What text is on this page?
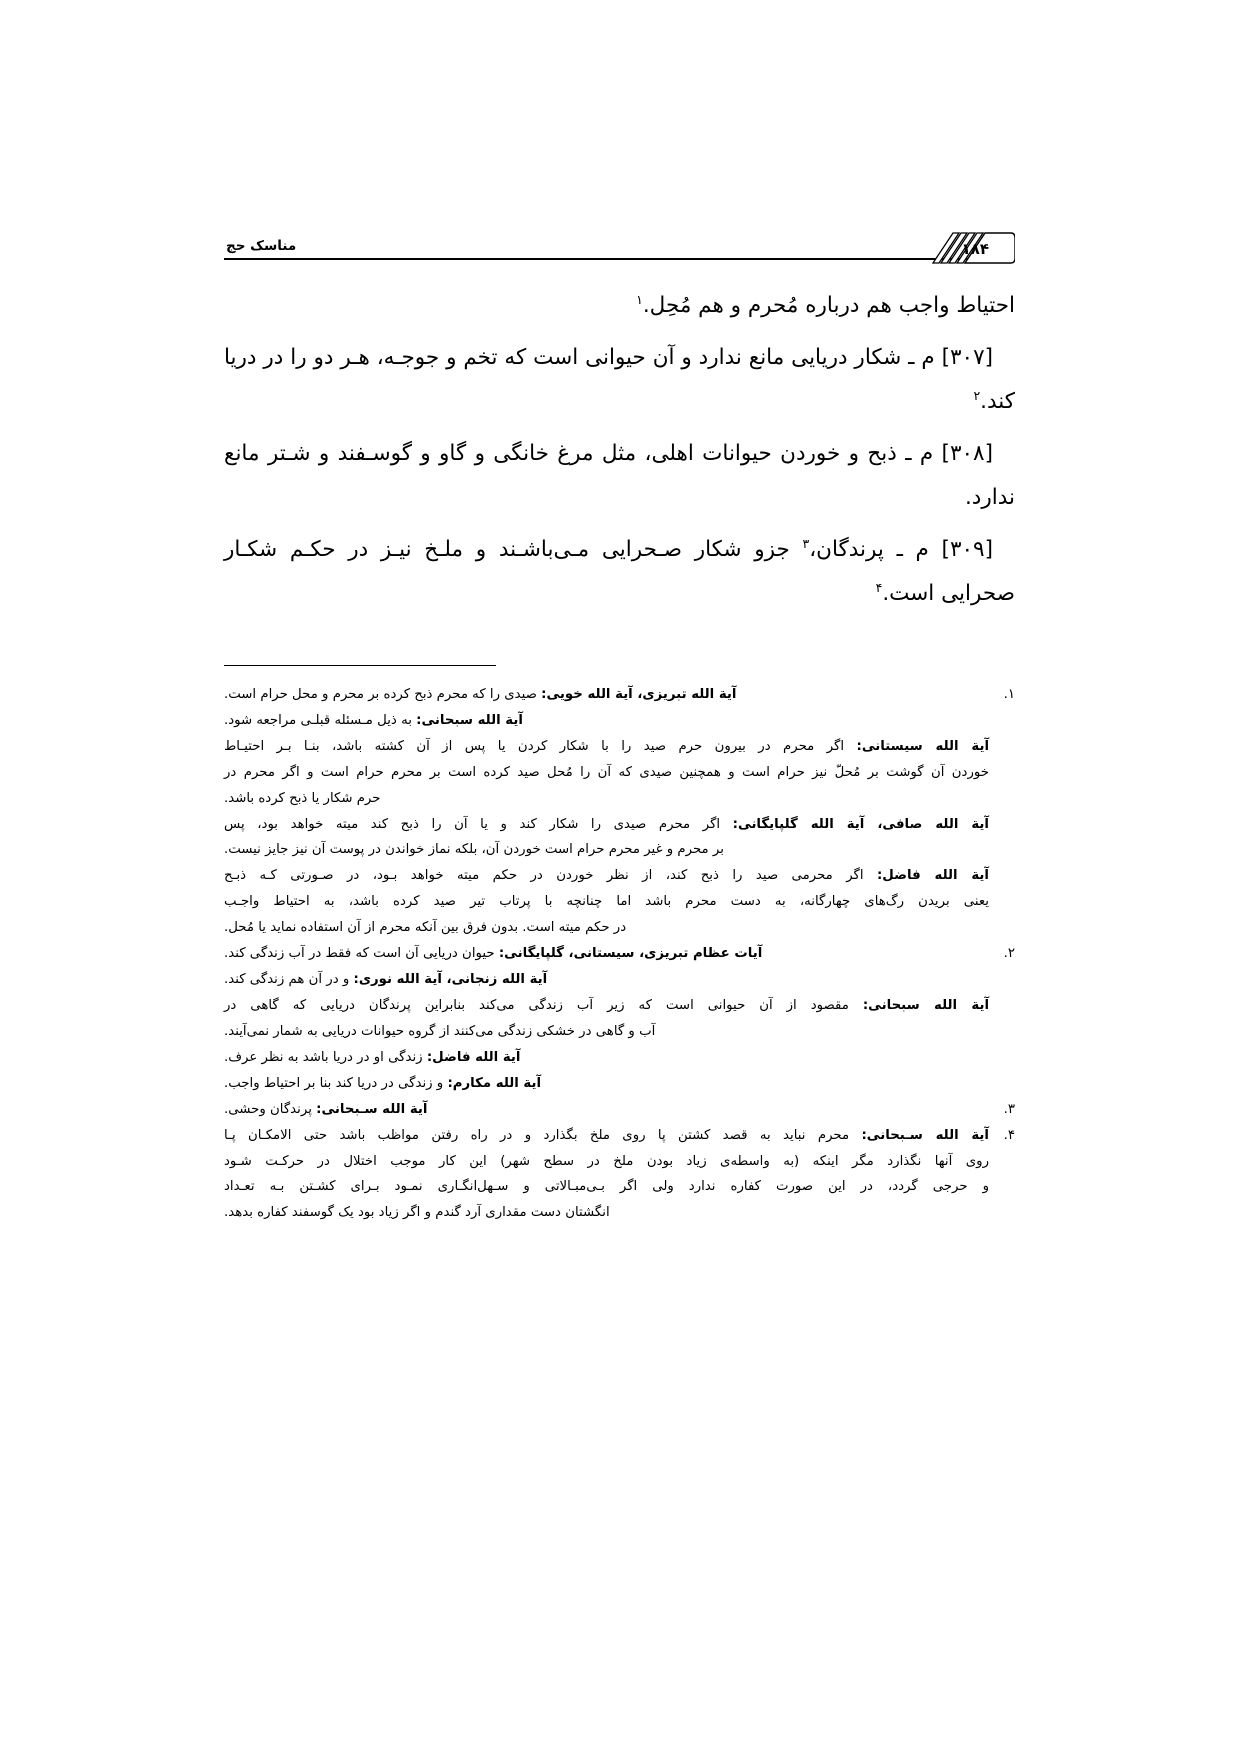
مناسک حج	۱۸۴

احتیاط واجب هم درباره مُحرم و هم مُحِل.$^۱$

[۳۰۷] م ـ شکار دریایی مانع ندارد و آن حیوانی است که تخم و جوجـه، هـر دو را در دریا کند.$^۲$

[۳۰۸] م ـ ذبح و خوردن حیوانات اهلی، مثل مرغ خانگی و گاو و گوسـفند و شـتر مانع ندارد.

[۳۰۹] م ـ پرندگان،$^۳$ جزو شکار صـحرایی مـی‌باشـند و ملـخ نیـز در حکـم شکـار صحرایی است.$^۴$

۱.
آیة الله تبریزی، آیة الله خویی: صیدی را که محرم ذبح کرده بر محرم و محل حرام است.
آیة الله سبحانی: به ذیل مـسئله قبلـی مراجعه شود.
آیة الله سیستانی: اگر محرم در بیرون حرم صید را با شکار کردن یا پس از آن کشته باشد، بنـا بـر احتیـاط
خوردن آن گوشت بر مُحلّ نیز حرام است و همچنین صیدی که آن را مُحل صید کرده است بر محرم حرام است و اگر محرم در
حرم شکار یا ذبح کرده باشد.
آیة الله صافی، آیة الله گلپایگانی: اگر محرم صیدی را شکار کند و یا آن را ذبح کند میته خواهد بود، پس
بر محرم و غیر محرم حرام است خوردن آن، بلکه نماز خواندن در پوست آن نیز جایز نیست.
آیة الله فاضل: اگر محرمی صید را ذبح کند، از نظر خوردن در حکم میته خواهد بـود، در صـورتی کـه ذبـح
یعنی بریدن رگ‌های چهارگانه، به دست محرم باشد اما چنانچه با پرتاب تیر صید کرده باشد، به احتیاط واجـب
در حکم میته است. بدون فرق بین آنکه محرم از آن استفاده نماید یا مُحل.
۲.
آیات عظام تبریزی، سیستانی، گلپایگانی: حیوان دریایی آن است که فقط در آب زندگی کند.
آیة الله زنجانی، آیة الله نوری: و در آن هم زندگی کند.
آیة الله سبحانی: مقصود از آن حیوانی است که زیر آب زندگی می‌کند بنابراین پرندگان دریایی که گاهی در
آب و گاهی در خشکی زندگی می‌کنند از گروه حیوانات دریایی به شمار نمی‌آیند.
آیة الله فاضل: زندگی او در دریا باشد به نظر عرف.
آیة الله مکارم: و زندگی در دریا کند بنا بر احتیاط واجب.
۳.
آیة الله سـبحانی: پرندگان وحشی.
۴.
آیة الله سـبحانی: محرم نباید به قصد کشتن پا روی ملخ بگذارد و در راه رفتن مواظب باشد حتی الامکـان پـا
روی آنها نگذارد مگر اینکه (به واسطه‌ی زیاد بودن ملخ در سطح شهر) این کار موجب اختلال در حرکـت شـود
و حرجی گردد، در این صورت کفاره ندارد ولی اگر بـی‌مبـالاتی و سـهل‌انگـاری نمـود بـرای کشـتن بـه تعـداد
انگشتان دست مقداری آرد گندم و اگر زیاد بود یک گوسفند کفاره بدهد.
